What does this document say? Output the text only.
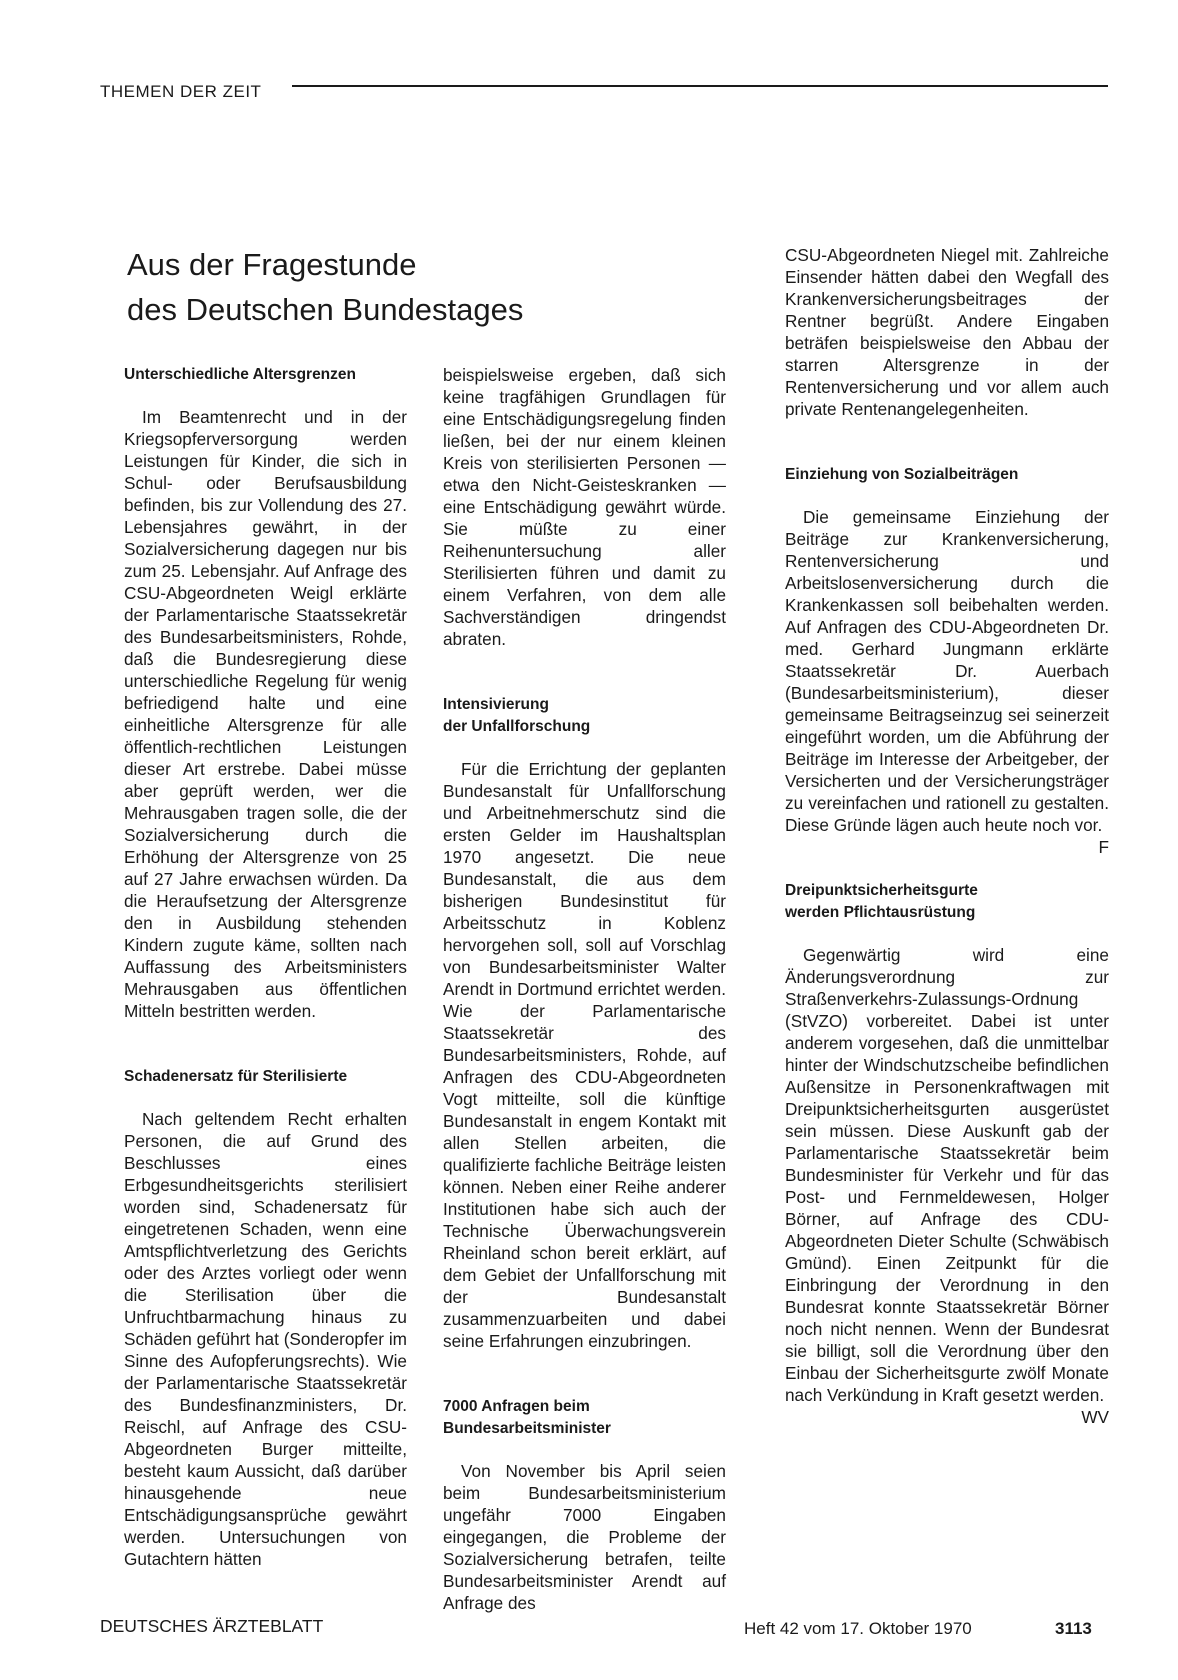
THEMEN DER ZEIT
Aus der Fragestunde
des Deutschen Bundestages
Unterschiedliche Altersgrenzen

Im Beamtenrecht und in der Kriegsopferversorgung werden Leistungen für Kinder, die sich in Schul- oder Berufsausbildung befinden, bis zur Vollendung des 27. Lebensjahres gewährt, in der Sozialversicherung dagegen nur bis zum 25. Lebensjahr. Auf Anfrage des CSU-Abgeordneten Weigl erklärte der Parlamentarische Staatssekretär des Bundesarbeitsministers, Rohde, daß die Bundesregierung diese unterschiedliche Regelung für wenig befriedigend halte und eine einheitliche Altersgrenze für alle öffentlich-rechtlichen Leistungen dieser Art erstrebe. Dabei müsse aber geprüft werden, wer die Mehrausgaben tragen solle, die der Sozialversicherung durch die Erhöhung der Altersgrenze von 25 auf 27 Jahre erwachsen würden. Da die Heraufsetzung der Altersgrenze den in Ausbildung stehenden Kindern zugute käme, sollten nach Auffassung des Arbeitsministers Mehrausgaben aus öffentlichen Mitteln bestritten werden.

Schadenersatz für Sterilisierte

Nach geltendem Recht erhalten Personen, die auf Grund des Beschlusses eines Erbgesundheitsgerichts sterilisiert worden sind, Schadenersatz für eingetretenen Schaden, wenn eine Amtspflichtverletzung des Gerichts oder des Arztes vorliegt oder wenn die Sterilisation über die Unfruchtbarmachung hinaus zu Schäden geführt hat (Sonderopfer im Sinne des Aufopferungsrechts). Wie der Parlamentarische Staatssekretär des Bundesfinanzministers, Dr. Reischl, auf Anfrage des CSU-Abgeordneten Burger mitteilte, besteht kaum Aussicht, daß darüber hinausgehende neue Entschädigungsansprüche gewährt werden. Untersuchungen von Gutachtern hätten

beispielsweise ergeben, daß sich keine tragfähigen Grundlagen für eine Entschädigungsregelung finden ließen, bei der nur einem kleinen Kreis von sterilisierten Personen — etwa den Nicht-Geisteskranken — eine Entschädigung gewährt würde. Sie müßte zu einer Reihenuntersuchung aller Sterilisierten führen und damit zu einem Verfahren, von dem alle Sachverständigen dringendst abraten.

Intensivierung
der Unfallforschung

Für die Errichtung der geplanten Bundesanstalt für Unfallforschung und Arbeitnehmerschutz sind die ersten Gelder im Haushaltsplan 1970 angesetzt. Die neue Bundesanstalt, die aus dem bisherigen Bundesinstitut für Arbeitsschutz in Koblenz hervorgehen soll, soll auf Vorschlag von Bundesarbeitsminister Walter Arendt in Dortmund errichtet werden. Wie der Parlamentarische Staatssekretär des Bundesarbeitsministers, Rohde, auf Anfragen des CDU-Abgeordneten Vogt mitteilte, soll die künftige Bundesanstalt in engem Kontakt mit allen Stellen arbeiten, die qualifizierte fachliche Beiträge leisten können. Neben einer Reihe anderer Institutionen habe sich auch der Technische Überwachungsverein Rheinland schon bereit erklärt, auf dem Gebiet der Unfallforschung mit der Bundesanstalt zusammenzuarbeiten und dabei seine Erfahrungen einzubringen.

7000 Anfragen beim
Bundesarbeitsminister

Von November bis April seien beim Bundesarbeitsministerium ungefähr 7000 Eingaben eingegangen, die Probleme der Sozialversicherung betrafen, teilte Bundesarbeitsminister Arendt auf Anfrage des

CSU-Abgeordneten Niegel mit. Zahlreiche Einsender hätten dabei den Wegfall des Krankenversicherungsbeitrages der Rentner begrüßt. Andere Eingaben beträfen beispielsweise den Abbau der starren Altersgrenze in der Rentenversicherung und vor allem auch private Rentenangelegenheiten.

Einziehung von Sozialbeiträgen

Die gemeinsame Einziehung der Beiträge zur Krankenversicherung, Rentenversicherung und Arbeitslosenversicherung durch die Krankenkassen soll beibehalten werden. Auf Anfragen des CDU-Abgeordneten Dr. med. Gerhard Jungmann erklärte Staatssekretär Dr. Auerbach (Bundesarbeitsministerium), dieser gemeinsame Beitragseinzug sei seinerzeit eingeführt worden, um die Abführung der Beiträge im Interesse der Arbeitgeber, der Versicherten und der Versicherungsträger zu vereinfachen und rationell zu gestalten. Diese Gründe lägen auch heute noch vor.
F

Dreipunktsicherheitsgurte
werden Pflichtausrüstung

Gegenwärtig wird eine Änderungsverordnung zur Straßenverkehrs-Zulassungs-Ordnung (StVZO) vorbereitet. Dabei ist unter anderem vorgesehen, daß die unmittelbar hinter der Windschutzscheibe befindlichen Außensitze in Personenkraftwagen mit Dreipunktsicherheitsgurten ausgerüstet sein müssen. Diese Auskunft gab der Parlamentarische Staatssekretär beim Bundesminister für Verkehr und für das Post- und Fernmeldewesen, Holger Börner, auf Anfrage des CDU-Abgeordneten Dieter Schulte (Schwäbisch Gmünd). Einen Zeitpunkt für die Einbringung der Verordnung in den Bundesrat konnte Staatssekretär Börner noch nicht nennen. Wenn der Bundesrat sie billigt, soll die Verordnung über den Einbau der Sicherheitsgurte zwölf Monate nach Verkündung in Kraft gesetzt werden.
WV

DEUTSCHES ÄRZTEBLATT	Heft 42 vom 17. Oktober 1970	3113
